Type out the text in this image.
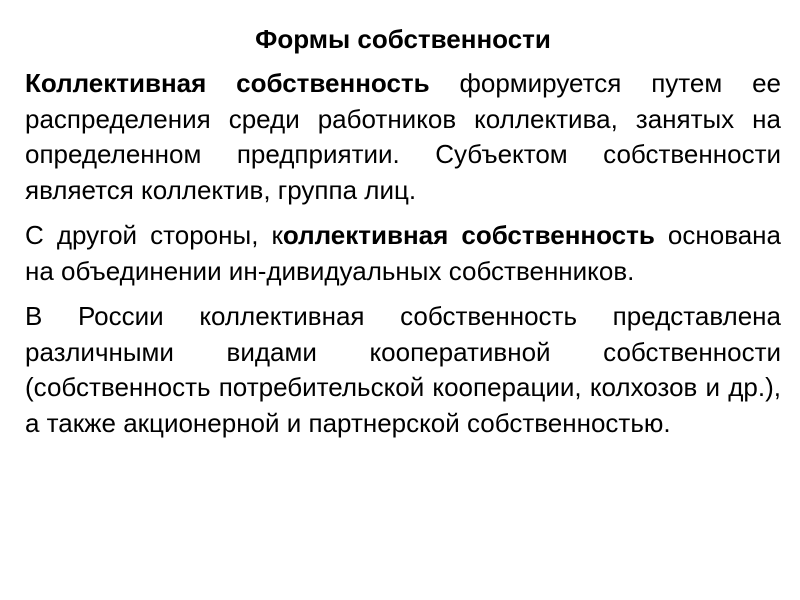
Формы собственности

Коллективная собственность формируется путем ее распределения среди работников коллектива, занятых на определенном предприятии. Субъектом собственности является коллектив, группа лиц.

С другой стороны, коллективная собственность основана на объединении ин-дивидуальных собственников.

В России коллективная собственность представлена различными видами кооперативной собственности (собственность потребительской кооперации, колхозов и др.), а также акционерной и партнерской собственностью.
